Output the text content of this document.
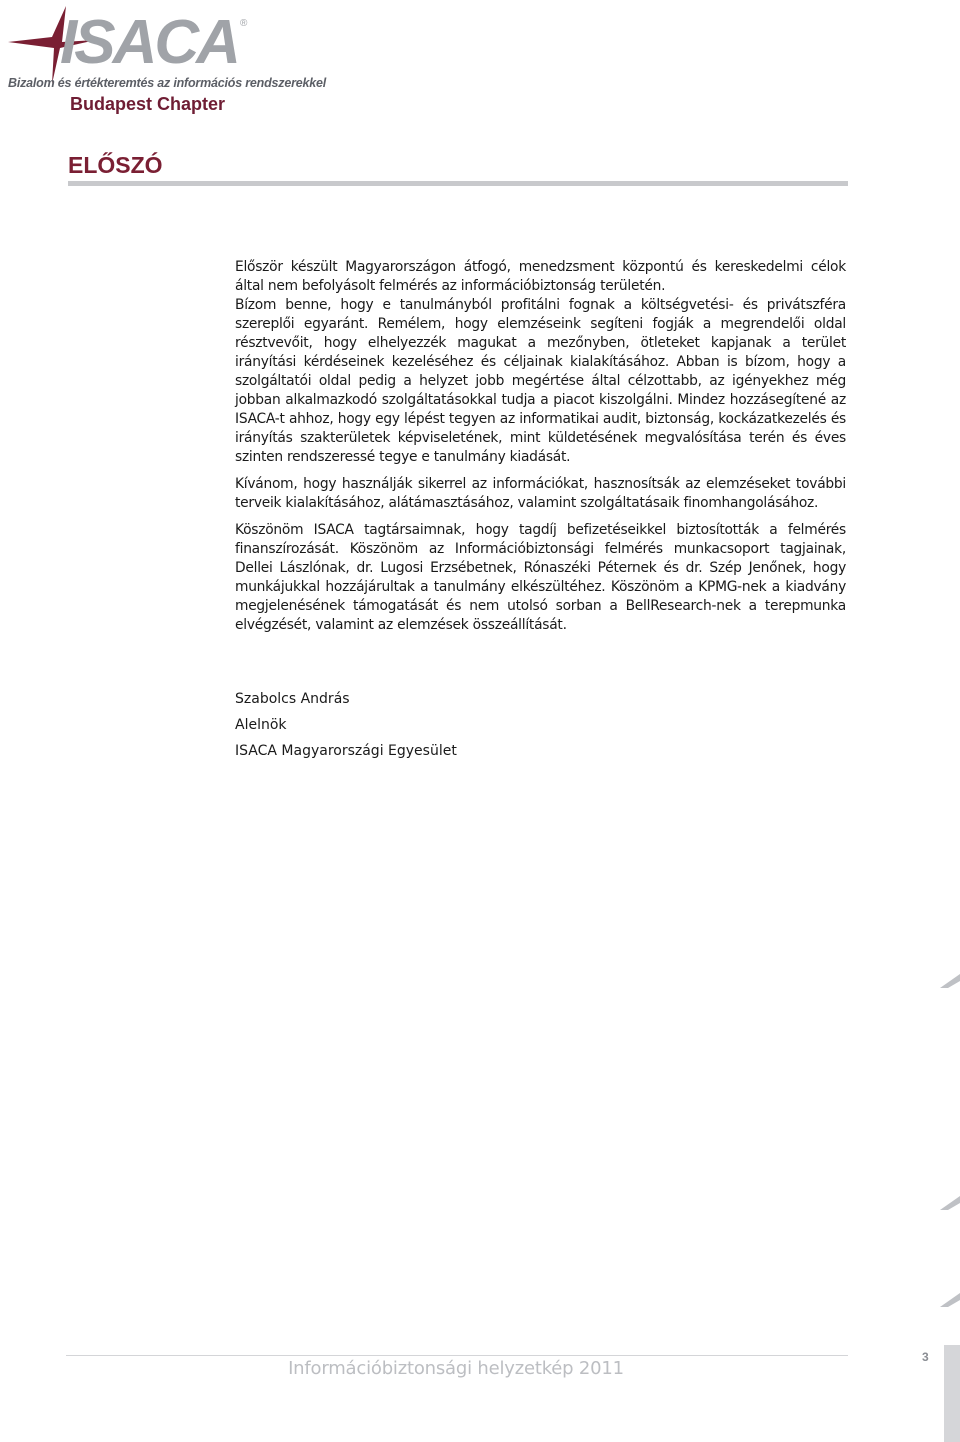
ISACA ®
Bizalom és értékteremtés az információs rendszerekkel
Budapest Chapter
ELŐSZÓ

Először készült Magyarországon átfogó, menedzsment központú és kereskedelmi célok által nem befolyásolt felmérés az információbiztonság területén.

Bízom benne, hogy e tanulmányból profitálni fognak a költségvetési- és privátszféra szereplői egyaránt. Remélem, hogy elemzéseink segíteni fogják a megrendelői oldal résztvevőit, hogy elhelyezzék magukat a mezőnyben, ötleteket kapjanak a terület irányítási kérdéseinek kezeléséhez és céljainak kialakításához. Abban is bízom, hogy a szolgáltatói oldal pedig a helyzet jobb megértése által célzottabb, az igényekhez még jobban alkalmazkodó szolgáltatásokkal tudja a piacot kiszolgálni. Mindez hozzásegítené az ISACA-t ahhoz, hogy egy lépést tegyen az informatikai audit, biztonság, kockázatkezelés és irányítás szakterületek képviseletének, mint küldetésének megvalósítása terén és éves szinten rendszeressé tegye e tanulmány kiadását.

Kívánom, hogy használják sikerrel az információkat, hasznosítsák az elemzéseket további terveik kialakításához, alátámasztásához, valamint szolgáltatásaik finomhangolásához.

Köszönöm ISACA tagtársaimnak, hogy tagdíj befizetéseikkel biztosították a felmérés finanszírozását. Köszönöm az Információbiztonsági felmérés munkacsoport tagjainak, Dellei Lászlónak, dr. Lugosi Erzsébetnek, Rónaszéki Péternek és dr. Szép Jenőnek, hogy munkájukkal hozzájárultak a tanulmány elkészültéhez. Köszönöm a KPMG-nek a kiadvány megjelenésének támogatását és nem utolsó sorban a BellResearch-nek a terepmunka elvégzését, valamint az elemzések összeállítását.

Szabolcs András
Alelnök
ISACA Magyarországi Egyesület
Információbiztonsági helyzetkép 2011
3
